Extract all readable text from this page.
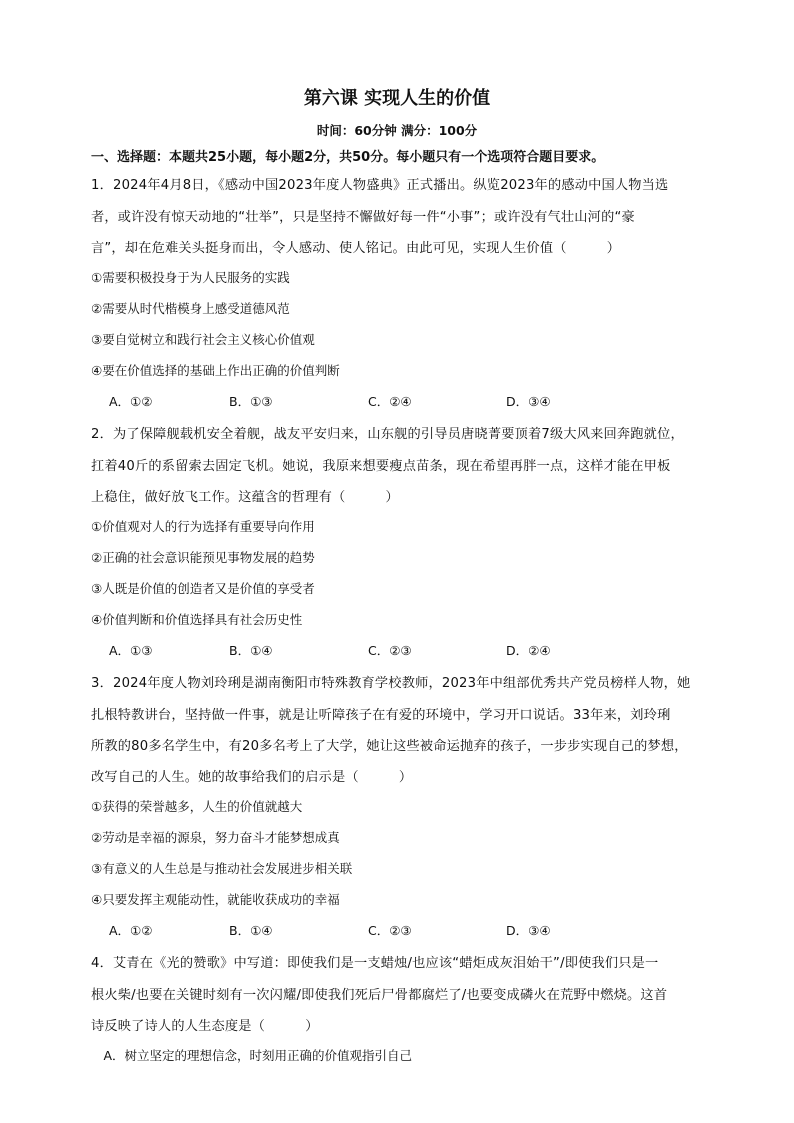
第六课 实现人生的价值
时间：60分钟 满分：100分
一、选择题：本题共25小题，每小题2分，共50分。每小题只有一个选项符合题目要求。
1．2024年4月8日，《感动中国2023年度人物盛典》正式播出。纵览2023年的感动中国人物当选
者，或许没有惊天动地的“壮举”，只是坚持不懈做好每一件“小事”；或许没有气壮山河的“豪
言”，却在危难关头挺身而出，令人感动、使人铭记。由此可见，实现人生价值（　　　）
①需要积极投身于为人民服务的实践
②需要从时代楷模身上感受道德风范
③要自觉树立和践行社会主义核心价值观
④要在价值选择的基础上作出正确的价值判断
A．①②	B．①③	C．②④	D．③④
2．为了保障舰载机安全着舰，战友平安归来，山东舰的引导员唐晓菁要顶着7级大风来回奔跑就位，
扛着40斤的系留索去固定飞机。她说，我原来想要瘦点苗条，现在希望再胖一点，这样才能在甲板
上稳住，做好放飞工作。这蕴含的哲理有（　　　）
①价值观对人的行为选择有重要导向作用
②正确的社会意识能预见事物发展的趋势
③人既是价值的创造者又是价值的享受者
④价值判断和价值选择具有社会历史性
A．①③	B．①④	C．②③	D．②④
3．2024年度人物刘玲琍是湖南衡阳市特殊教育学校教师，2023年中组部优秀共产党员榜样人物，她
扎根特教讲台，坚持做一件事，就是让听障孩子在有爱的环境中，学习开口说话。33年来，刘玲琍
所教的80多名学生中，有20多名考上了大学，她让这些被命运抛弃的孩子，一步步实现自己的梦想，
改写自己的人生。她的故事给我们的启示是（　　　）
①获得的荣誉越多，人生的价值就越大
②劳动是幸福的源泉，努力奋斗才能梦想成真
③有意义的人生总是与推动社会发展进步相关联
④只要发挥主观能动性，就能收获成功的幸福
A．①②	B．①④	C．②③	D．③④
4．艾青在《光的赞歌》中写道：即使我们是一支蜡烛/也应该“蜡炬成灰泪始干”/即使我们只是一
根火柴/也要在关键时刻有一次闪耀/即使我们死后尸骨都腐烂了/也要变成磷火在荒野中燃烧。这首
诗反映了诗人的人生态度是（　　　）
　A．树立坚定的理想信念，时刻用正确的价值观指引自己
